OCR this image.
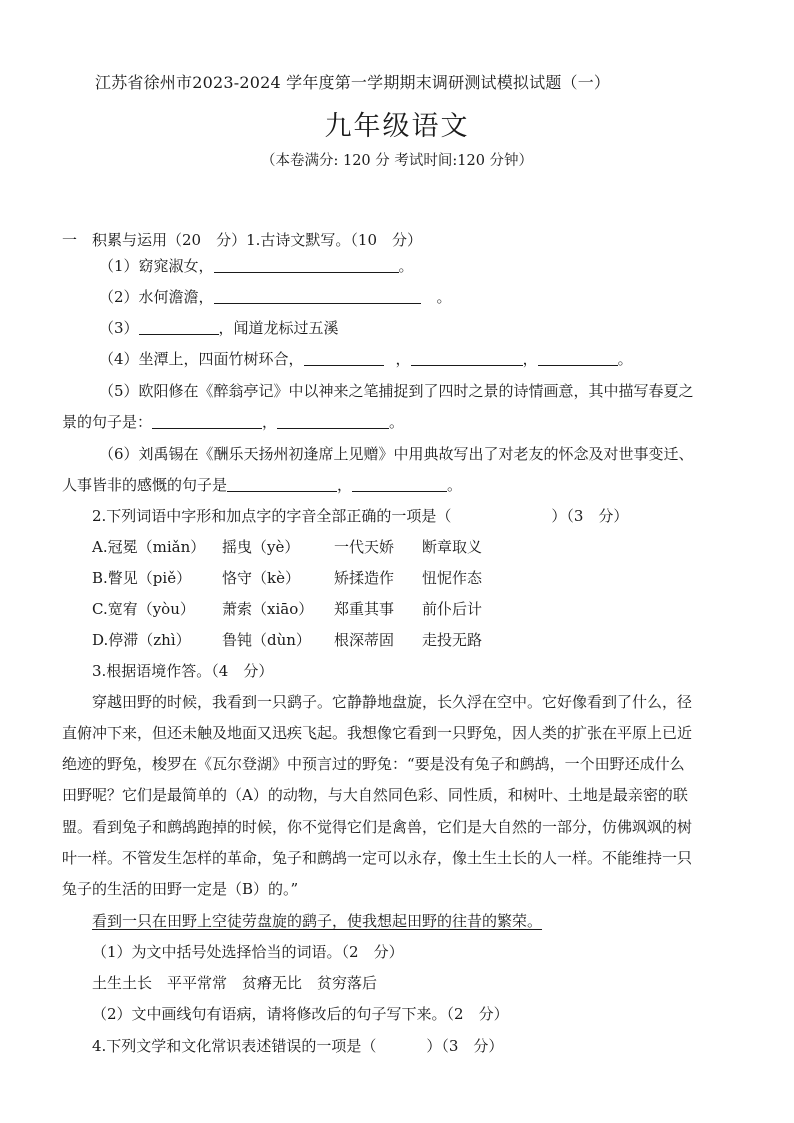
江苏省徐州市2023-2024 学年度第一学期期末调研测试模拟试题（一）
九年级语文
（本卷满分: 120 分 考试时间:120 分钟）
一　积累与运用（20　分）1.古诗文默写。（10　分）
（1）窈窕淑女，	。
（2）水何澹澹，	。
（3）	，闻道龙标过五溪
（4）坐潭上，四面竹树环合，	，	，	。
（5）欧阳修在《醉翁亭记》中以神来之笔捕捉到了四时之景的诗情画意，其中描写春夏之
景的句子是：	，	。
（6）刘禹锡在《酬乐天扬州初逢席上见赠》中用典故写出了对老友的怀念及对世事变迁、
人事皆非的感慨的句子是	，	。
2.下列词语中字形和加点字的字音全部正确的一项是（	）（3　分）
A.冠冕（miǎn） 摇曳（yè） 一代天娇 断章取义
B.瞥见（piě） 恪守（kè） 矫揉造作 忸怩作态
C.宽宥（yòu） 萧索（xiāo） 郑重其事 前仆后计
D.停滞（zhì） 鲁钝（dùn） 根深蒂固 走投无路
3.根据语境作答。（4　分）
穿越田野的时候，我看到一只鹞子。它静静地盘旋，长久浮在空中。它好像看到了什么，径
直俯冲下来，但还未触及地面又迅疾飞起。我想像它看到一只野兔，因人类的扩张在平原上已近
绝迹的野兔，梭罗在《瓦尔登湖》中预言过的野兔：“要是没有兔子和鹧鸪，一个田野还成什么
田野呢？它们是最简单的（A）的动物，与大自然同色彩、同性质，和树叶、土地是最亲密的联
盟。看到兔子和鹧鸪跑掉的时候，你不觉得它们是禽兽，它们是大自然的一部分，仿佛飒飒的树
叶一样。不管发生怎样的革命，兔子和鹧鸪一定可以永存，像土生土长的人一样。不能维持一只
兔子的生活的田野一定是（B）的。”
看到一只在田野上空徒劳盘旋的鹞子，使我想起田野的往昔的繁荣。
（1）为文中括号处选择恰当的词语。（2　分）
土生土长　平平常常　贫瘠无比　贫穷落后
（2）文中画线句有语病，请将修改后的句子写下来。（2　分）
4.下列文学和文化常识表述错误的一项是（	）（3　分）
